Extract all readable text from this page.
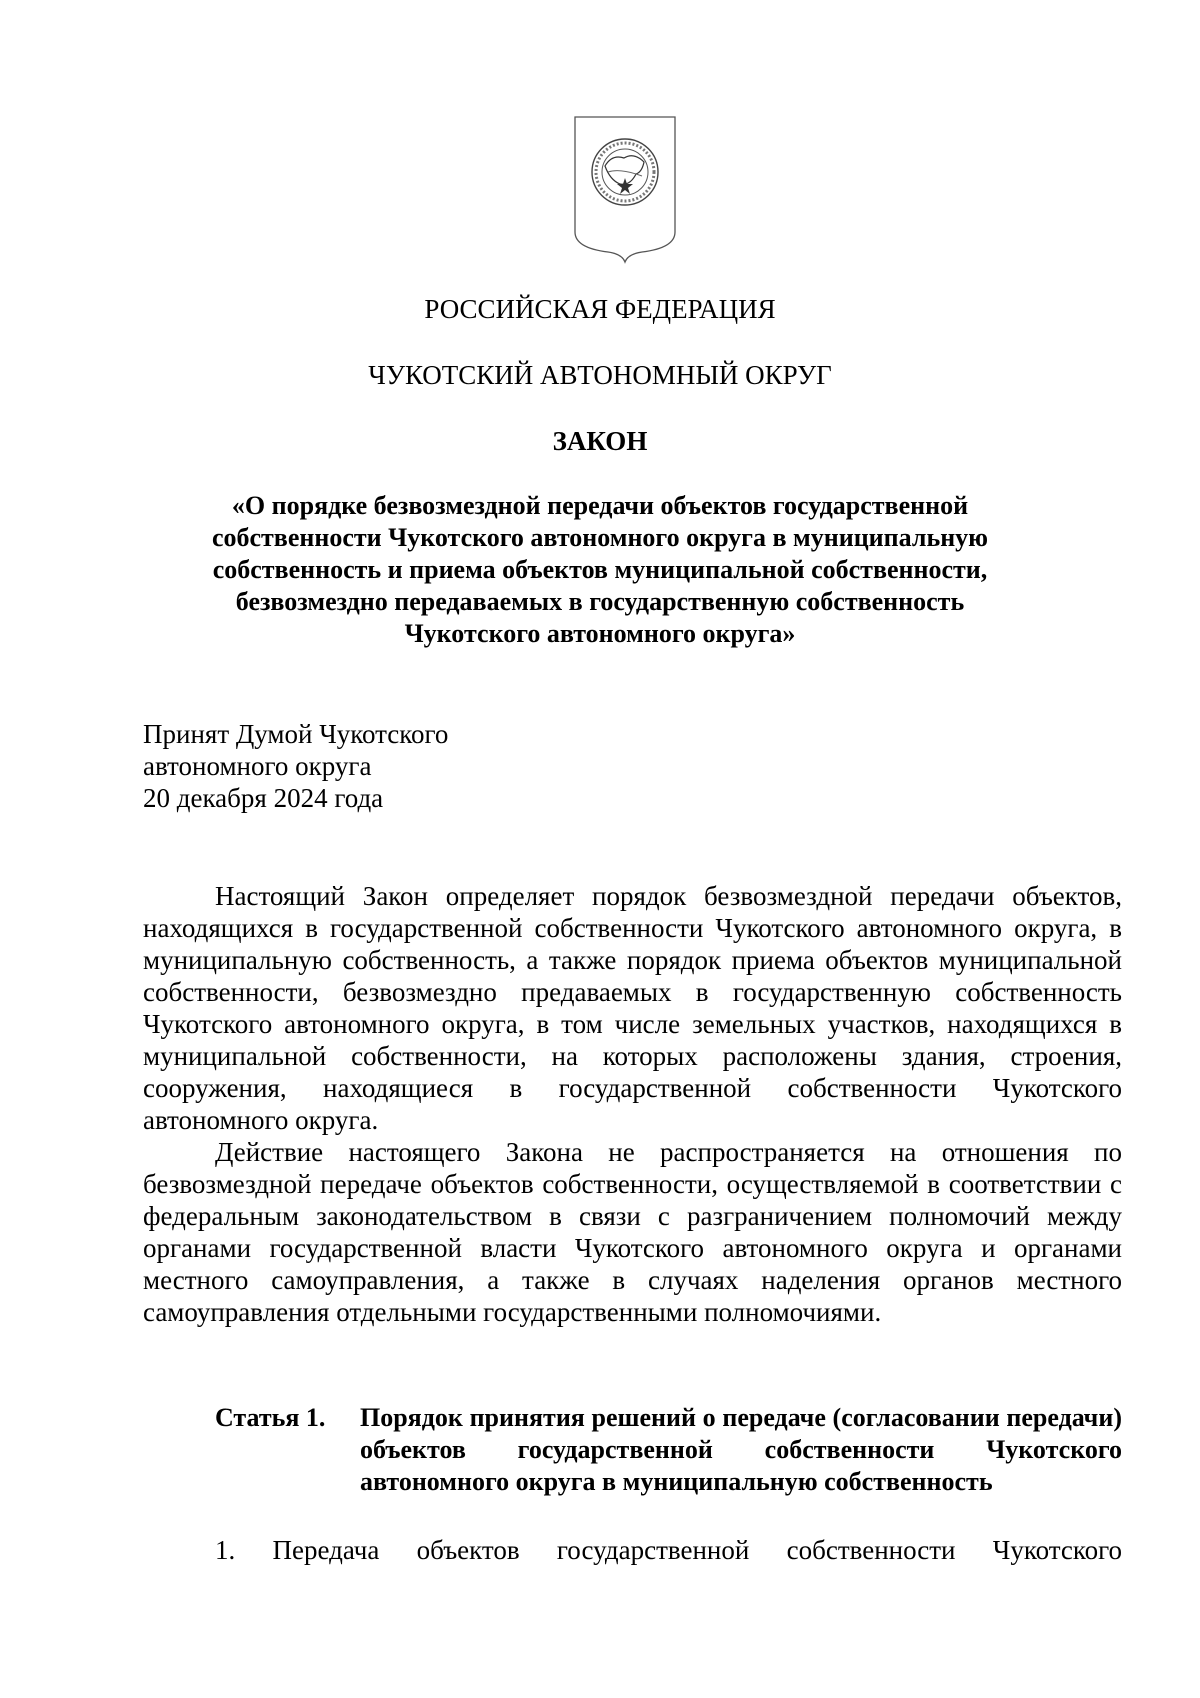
РОССИЙСКАЯ ФЕДЕРАЦИЯ
ЧУКОТСКИЙ АВТОНОМНЫЙ ОКРУГ
ЗАКОН
«О порядке безвозмездной передачи объектов государственной
собственности Чукотского автономного округа в муниципальную
собственность и приема объектов муниципальной собственности,
безвозмездно передаваемых в государственную собственность
Чукотского автономного округа»
Принят Думой Чукотского
автономного округа
20 декабря 2024 года

Настоящий Закон определяет порядок безвозмездной передачи объектов, находящихся в государственной собственности Чукотского автономного округа, в муниципальную собственность, а также порядок приема объектов муниципальной собственности, безвозмездно предаваемых в государственную собственность Чукотского автономного округа, в том числе земельных участков, находящихся в муниципальной собственности, на которых расположены здания, строения, сооружения, находящиеся в государственной собственности Чукотского автономного округа.

Действие настоящего Закона не распространяется на отношения по безвозмездной передаче объектов собственности, осуществляемой в соответствии с федеральным законодательством в связи с разграничением полномочий между органами государственной власти Чукотского автономного округа и органами местного самоуправления, а также в случаях наделения органов местного самоуправления отдельными государственными полномочиями.

Статья 1.	Порядок принятия решений о передаче (согласовании передачи) объектов государственной собственности Чукотского автономного округа в муниципальную собственность
1. Передача объектов государственной собственности Чукотского
